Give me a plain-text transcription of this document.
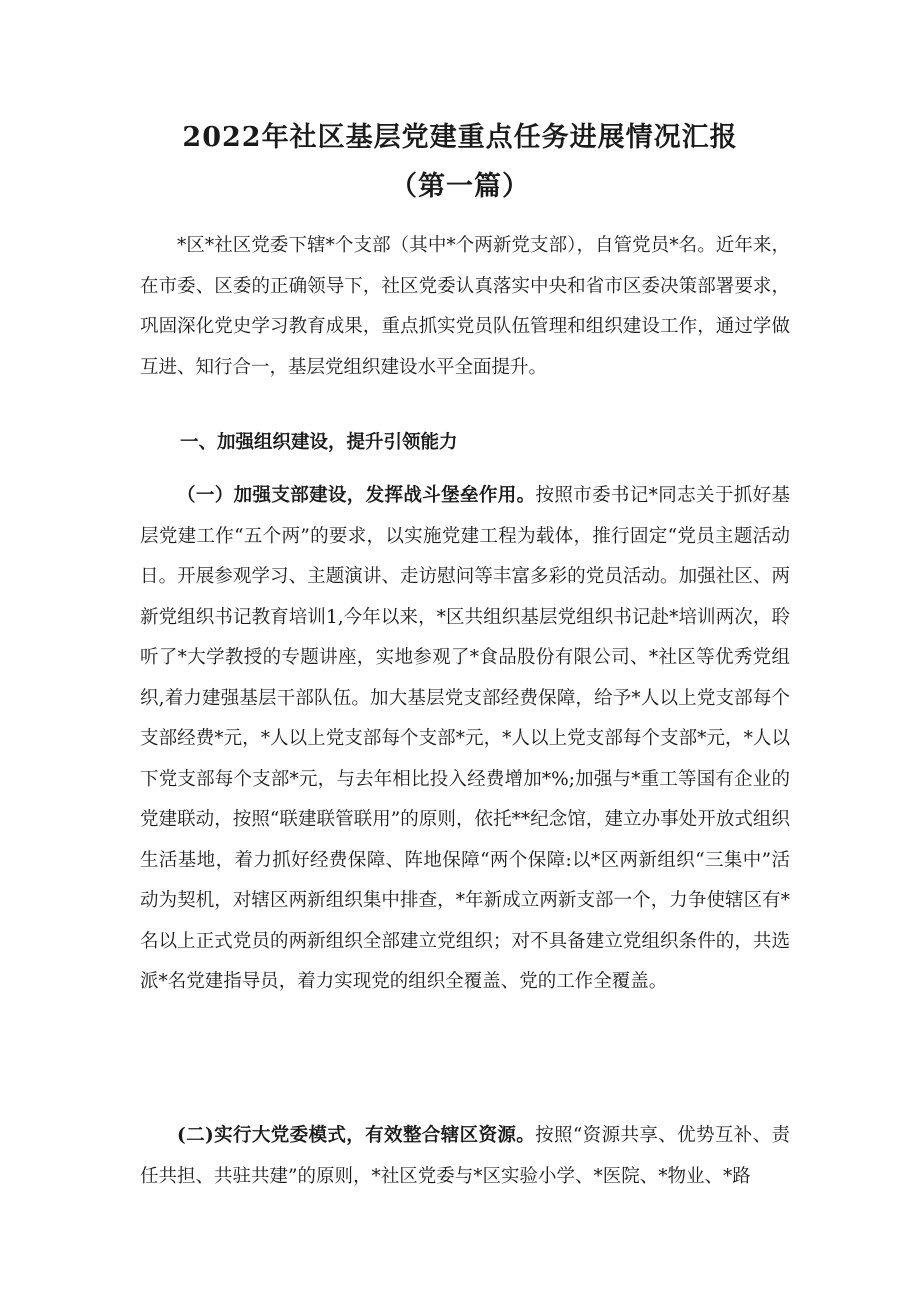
2022年社区基层党建重点任务进展情况汇报
（第一篇）

*区*社区党委下辖*个支部（其中*个两新党支部），自管党员*名。近年来，在市委、区委的正确领导下，社区党委认真落实中央和省市区委决策部署要求，巩固深化党史学习教育成果，重点抓实党员队伍管理和组织建设工作，通过学做互进、知行合一，基层党组织建设水平全面提升。

一、加强组织建设，提升引领能力

（一）加强支部建设，发挥战斗堡垒作用。按照市委书记*同志关于抓好基层党建工作“五个两”的要求，以实施党建工程为载体，推行固定“党员主题活动日。开展参观学习、主题演讲、走访慰问等丰富多彩的党员活动。加强社区、两新党组织书记教育培训1,今年以来，*区共组织基层党组织书记赴*培训两次，聆听了*大学教授的专题讲座，实地参观了*食品股份有限公司、*社区等优秀党组织,着力建强基层干部队伍。加大基层党支部经费保障，给予*人以上党支部每个支部经费*元，*人以上党支部每个支部*元，*人以上党支部每个支部*元，*人以下党支部每个支部*元，与去年相比投入经费增加*%;加强与*重工等国有企业的党建联动，按照“联建联管联用”的原则，依托**纪念馆，建立办事处开放式组织生活基地，着力抓好经费保障、阵地保障“两个保障:以*区两新组织“三集中”活动为契机，对辖区两新组织集中排查，*年新成立两新支部一个，力争使辖区有*名以上正式党员的两新组织全部建立党组织；对不具备建立党组织条件的，共选派*名党建指导员，着力实现党的组织全覆盖、党的工作全覆盖。

(二)实行大党委模式，有效整合辖区资源。按照“资源共享、优势互补、责任共担、共驻共建”的原则，*社区党委与*区实验小学、*医院、*物业、*路
